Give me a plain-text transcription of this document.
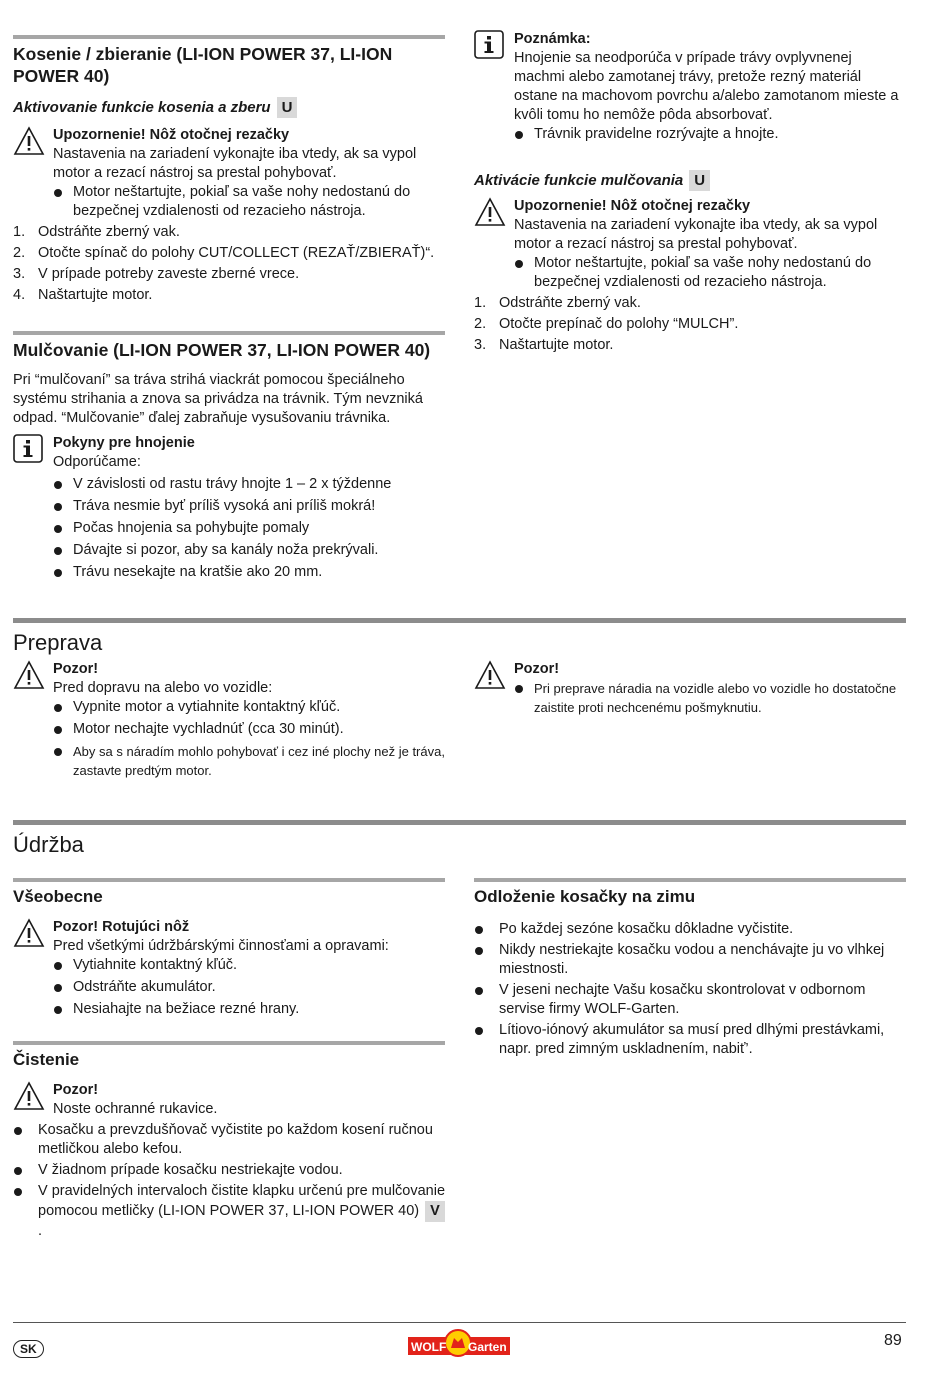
Kosenie / zbieranie (LI-ION POWER 37, LI-ION POWER 40)
Aktivovanie funkcie kosenia a zberu U
Upozornenie! Nôž otočnej rezačky

Nastavenia na zariadení vykonajte iba vtedy, ak sa vypol motor a rezací nástroj sa prestal pohybovať.

Motor neštartujte, pokiaľ sa vaše nohy nedostanú do bezpečnej vzdialenosti od rezacieho nástroja.
1. Odstráňte zberný vak.
2. Otočte spínač do polohy CUT/COLLECT (REZAŤ/ZBIERAŤ)“.
3. V prípade potreby zaveste zberné vrece.
4. Naštartujte motor.
Mulčovanie (LI-ION POWER 37, LI-ION POWER 40)

Pri “mulčovaní” sa tráva strihá viackrát pomocou špeciálneho systému strihania a znova sa privádza na trávnik. Tým nevzniká odpad. “Mulčovanie” ďalej zabraňuje vysušovaniu trávnika.

Pokyny pre hnojenie

Odporúčame:

V závislosti od rastu trávy hnojte 1 – 2 x týždenne
Tráva nesmie byť príliš vysoká ani príliš mokrá!
Počas hnojenia sa pohybujte pomaly
Dávajte si pozor, aby sa kanály noža prekrývali.
Trávu nesekajte na kratšie ako 20 mm.
Poznámka:

Hnojenie sa neodporúča v prípade trávy ovplyvnenej machmi alebo zamotanej trávy, pretože rezný materiál ostane na machovom povrchu a/alebo zamotanom mieste a kvôli tomu ho nemôže pôda absorbovať.

Trávnik pravidelne rozrývajte a hnojte.
Aktivácie funkcie mulčovania U
Upozornenie! Nôž otočnej rezačky

Nastavenia na zariadení vykonajte iba vtedy, ak sa vypol motor a rezací nástroj sa prestal pohybovať.

Motor neštartujte, pokiaľ sa vaše nohy nedostanú do bezpečnej vzdialenosti od rezacieho nástroja.
1. Odstráňte zberný vak.
2. Otočte prepínač do polohy “MULCH”.
3. Naštartujte motor.
Preprava
Pozor!

Pred dopravu na alebo vo vozidle:

Vypnite motor a vytiahnite kontaktný kľúč.
Motor nechajte vychladnúť (cca 30 minút).
Aby sa s náradím mohlo pohybovať i cez iné plochy než je tráva, zastavte predtým motor.
Pozor!
Pri preprave náradia na vozidle alebo vo vozidle ho dostatočne zaistite proti nechcenému pošmyknutiu.
Údržba
Všeobecne
Pozor! Rotujúci nôž

Pred všetkými údržbárskými činnosťami a opravami:

Vytiahnite kontaktný kľúč.
Odstráňte akumulátor.
Nesiahajte na bežiace rezné hrany.
Čistenie
Pozor!

Noste ochranné rukavice.

Kosačku a prevzdušňovač vyčistite po každom kosení ručnou metličkou alebo kefou.
V žiadnom prípade kosačku nestriekajte vodou.
V pravidelných intervaloch čistite klapku určenú pre mulčovanie pomocou metličky (LI-ION POWER 37, LI-ION POWER 40) V.
Odloženie kosačky na zimu
Po každej sezóne kosačku dôkladne vyčistite.
Nikdy nestriekajte kosačku vodou a nenchávajte ju vo vlhkej miestnosti.
V jeseni nechajte Vašu kosačku skontrolovat v odbornom servise firmy WOLF-Garten.
Lítiovo-iónový akumulátor sa musí pred dlhými prestávkami, napr. pred zimným uskladnením, nabiť’.
SK	WOLF Garten	89
